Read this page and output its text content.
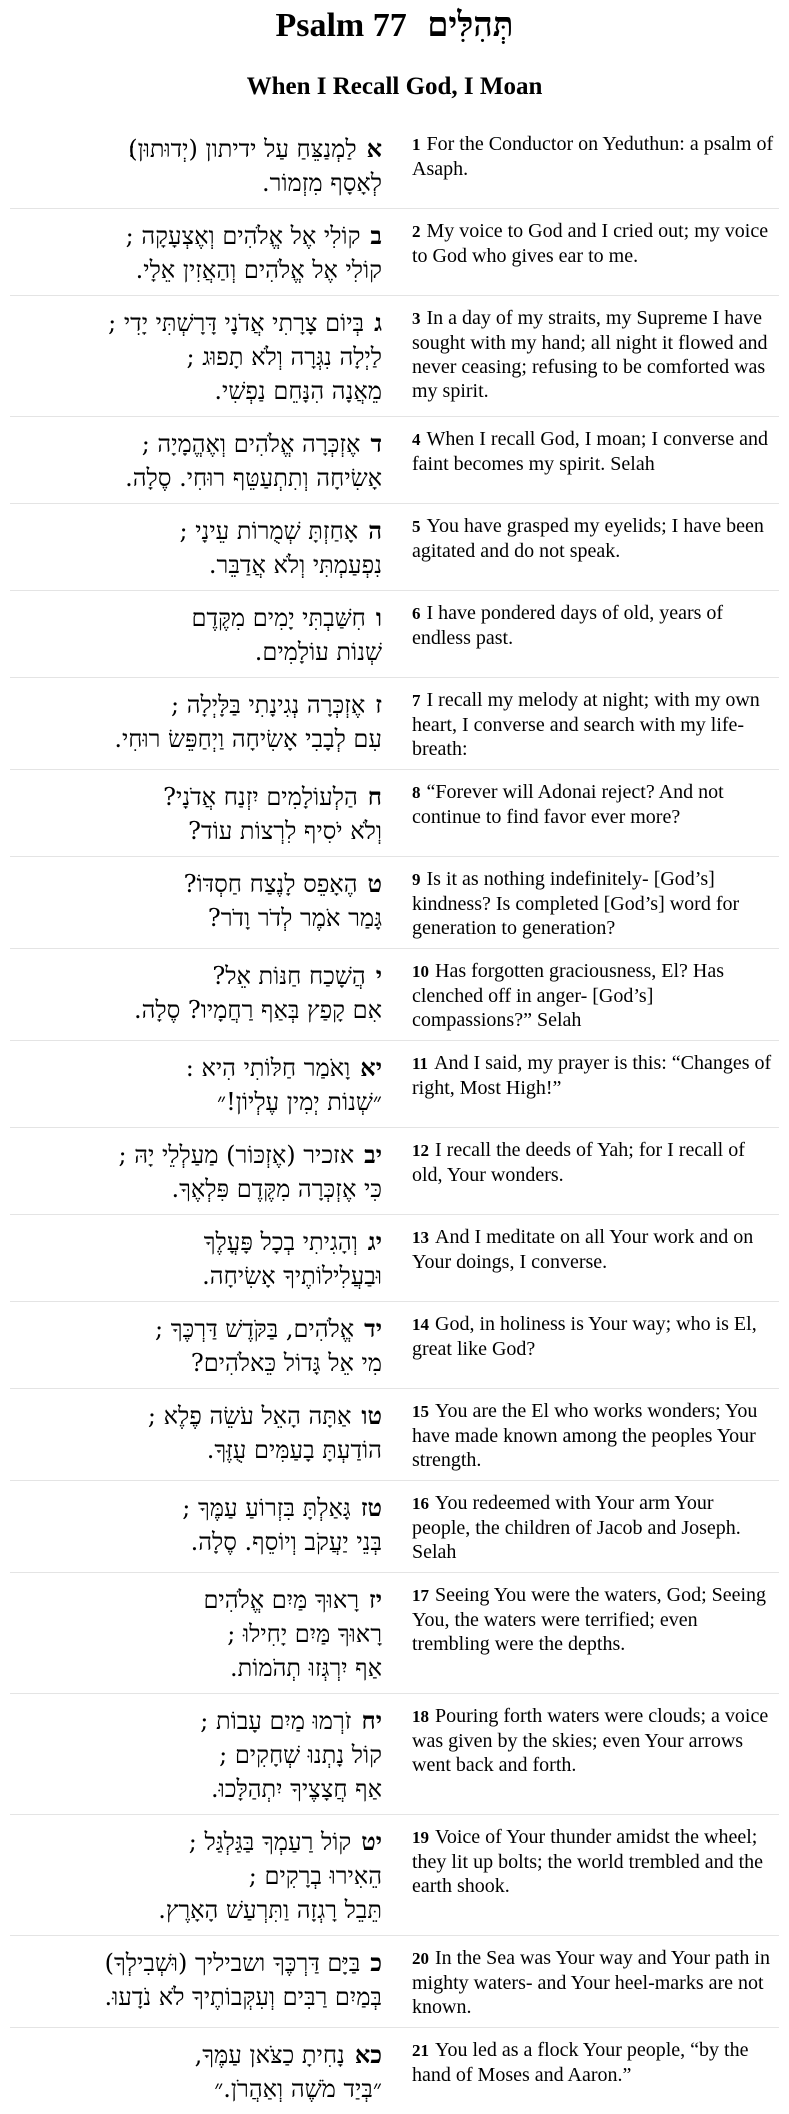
Psalm 77 תְּהִלִּים
When I Recall God, I Moan
אלַמְנַצֵּחַ עַל ידיתון (יְדוּתוּן)׃
לְאָסָף מִזְמוֹר.
1 For the Conductor on Yeduthun: a psalm of Asaph.
בקוֹלִי אֶל אֱלֹהִים וְאֶצְעָקָה ;
קוֹלִי אֶל אֱלֹהִים וְהַאֲזִין אֵלָי.
2 My voice to God and I cried out; my voice to God who gives ear to me.
גבְּיוֹם צָרָתִי אֲדֹנָי דָּרָשְׁתִּי יָדִי ;
לַיְלָה נִגְּרָה וְלֹא תָפוּג ;
מֵאֲנָה הִנָּחֵם נַפְשִׁי.
3 In a day of my straits, my Supreme I have sought with my hand; all night it flowed and never ceasing; refusing to be comforted was my spirit.
דאֶזְכְּרָה אֱלֹהִים וְאֶהֱמָיָה ;
אָשִׂיחָה וְתִתְעַטֵּף רוּחִי. סֶלָה.
4 When I recall God, I moan; I converse and faint becomes my spirit. Selah
האָחַזְתָּ שְׁמֻרוֹת עֵינָי ;
נִפְעַמְתִּי וְלֹא אֲדַבֵּר.
5 You have grasped my eyelids; I have been agitated and do not speak.
וחִשַּׁבְתִּי יָמִים מִקֶּדֶם
שְׁנוֹת עוֹלָמִים.
6 I have pondered days of old, years of endless past.
זאֶזְכְּרָה נְגִינָתִי בַּלָּיְלָה ;
עִם לְבָבִי אָשִׂיחָה וַיְחַפֵּשׂ רוּחִי.
7 I recall my melody at night; with my own heart, I converse and search with my life-breath:
חהַלְעוֹלָמִים יִזְנַח אֲדֹנָי?
וְלֹא יֹסִיף לִרְצוֹת עוֹד?
8 “Forever will Adonai reject? And not continue to find favor ever more?
טהֶאָפֵס לָנֶצַח חַסְדּוֹ?
גָּמַר אֹמֶר לְדֹר וָדֹר?
9 Is it as nothing indefinitely- [God’s] kindness? Is completed [God’s] word for generation to generation?
יהֲשָׁכַח חַנּוֹת אֵל?
אִם קָפַץ בְּאַף רַחֲמָיו? סֶלָה.
10 Has forgotten graciousness, El? Has clenched off in anger- [God’s] compassions?” Selah
יאוָאֹמַר חַלּוֹתִי הִיא :
״שְׁנוֹת יְמִין עֶלְיוֹן!״
11 And I said, my prayer is this: “Changes of right, Most High!”
יבאזכיר (אֶזְכּוֹר) מַעַלְלֵי יָהּ ;
כִּי אֶזְכְּרָה מִקֶּדֶם פִּלְאֶךָ.
12 I recall the deeds of Yah; for I recall of old, Your wonders.
יגוְהָגִיתִי בְכָל פָּעֳלֶךָ
וּבַעֲלִילוֹתֶיךָ אָשִׂיחָה.
13 And I meditate on all Your work and on Your doings, I converse.
ידאֱלֹהִים, בַּקֹּדֶשׁ דַּרְכֶּךָ ;
מִי אֵל גָּדוֹל כֵּאלֹהִים?
14 God, in holiness is Your way; who is El, great like God?
טואַתָּה הָאֵל עֹשֵׂה פֶלֶא ;
הוֹדַעְתָּ בָעַמִּים עֻזֶּךָ.
15 You are the El who works wonders; You have made known among the peoples Your strength.
טזגָּאַלְתָּ בִּזְרוֹעַ עַמֶּךָ ;
בְּנֵי יַעֲקֹב וְיוֹסֵף. סֶלָה.
16 You redeemed with Your arm Your people, the children of Jacob and Joseph. Selah
יזרָאוּךָ מַּיִם אֱלֹהִים
רָאוּךָ מַּיִם יָחִילוּ ;
אַף יִרְגְּזוּ תְהֹמוֹת.
17 Seeing You were the waters, God; Seeing You, the waters were terrified; even trembling were the depths.
יחזֹרְמוּ מַיִם עָבוֹת ;
קוֹל נָתְנוּ שְׁחָקִים ;
אַף חֲצָצֶיךָ יִתְהַלָּכוּ.
18 Pouring forth waters were clouds; a voice was given by the skies; even Your arrows went back and forth.
יטקוֹל רַעַמְךָ בַּגַּלְגַּל ;
הֵאִירוּ בְרָקִים ;
תֵּבֵל רָגְזָה וַתִּרְעַשׁ הָאָרֶץ.
19 Voice of Your thunder amidst the wheel; they lit up bolts; the world trembled and the earth shook.
כבַּיָּם דַּרְכֶּךָ ושביליך (וּשְׁבִילְךָ)
בְּמַיִם רַבִּים וְעִקְּבוֹתֶיךָ לֹא נֹדָעוּ.
20 In the Sea was Your way and Your path in mighty waters- and Your heel-marks are not known.
כאנָחִיתָ כַצֹּאן עַמֶּךָ,
״בְּיַד מֹשֶׁה וְאַהֲרֹן.״
21 You led as a flock Your people, “by the hand of Moses and Aaron.”
